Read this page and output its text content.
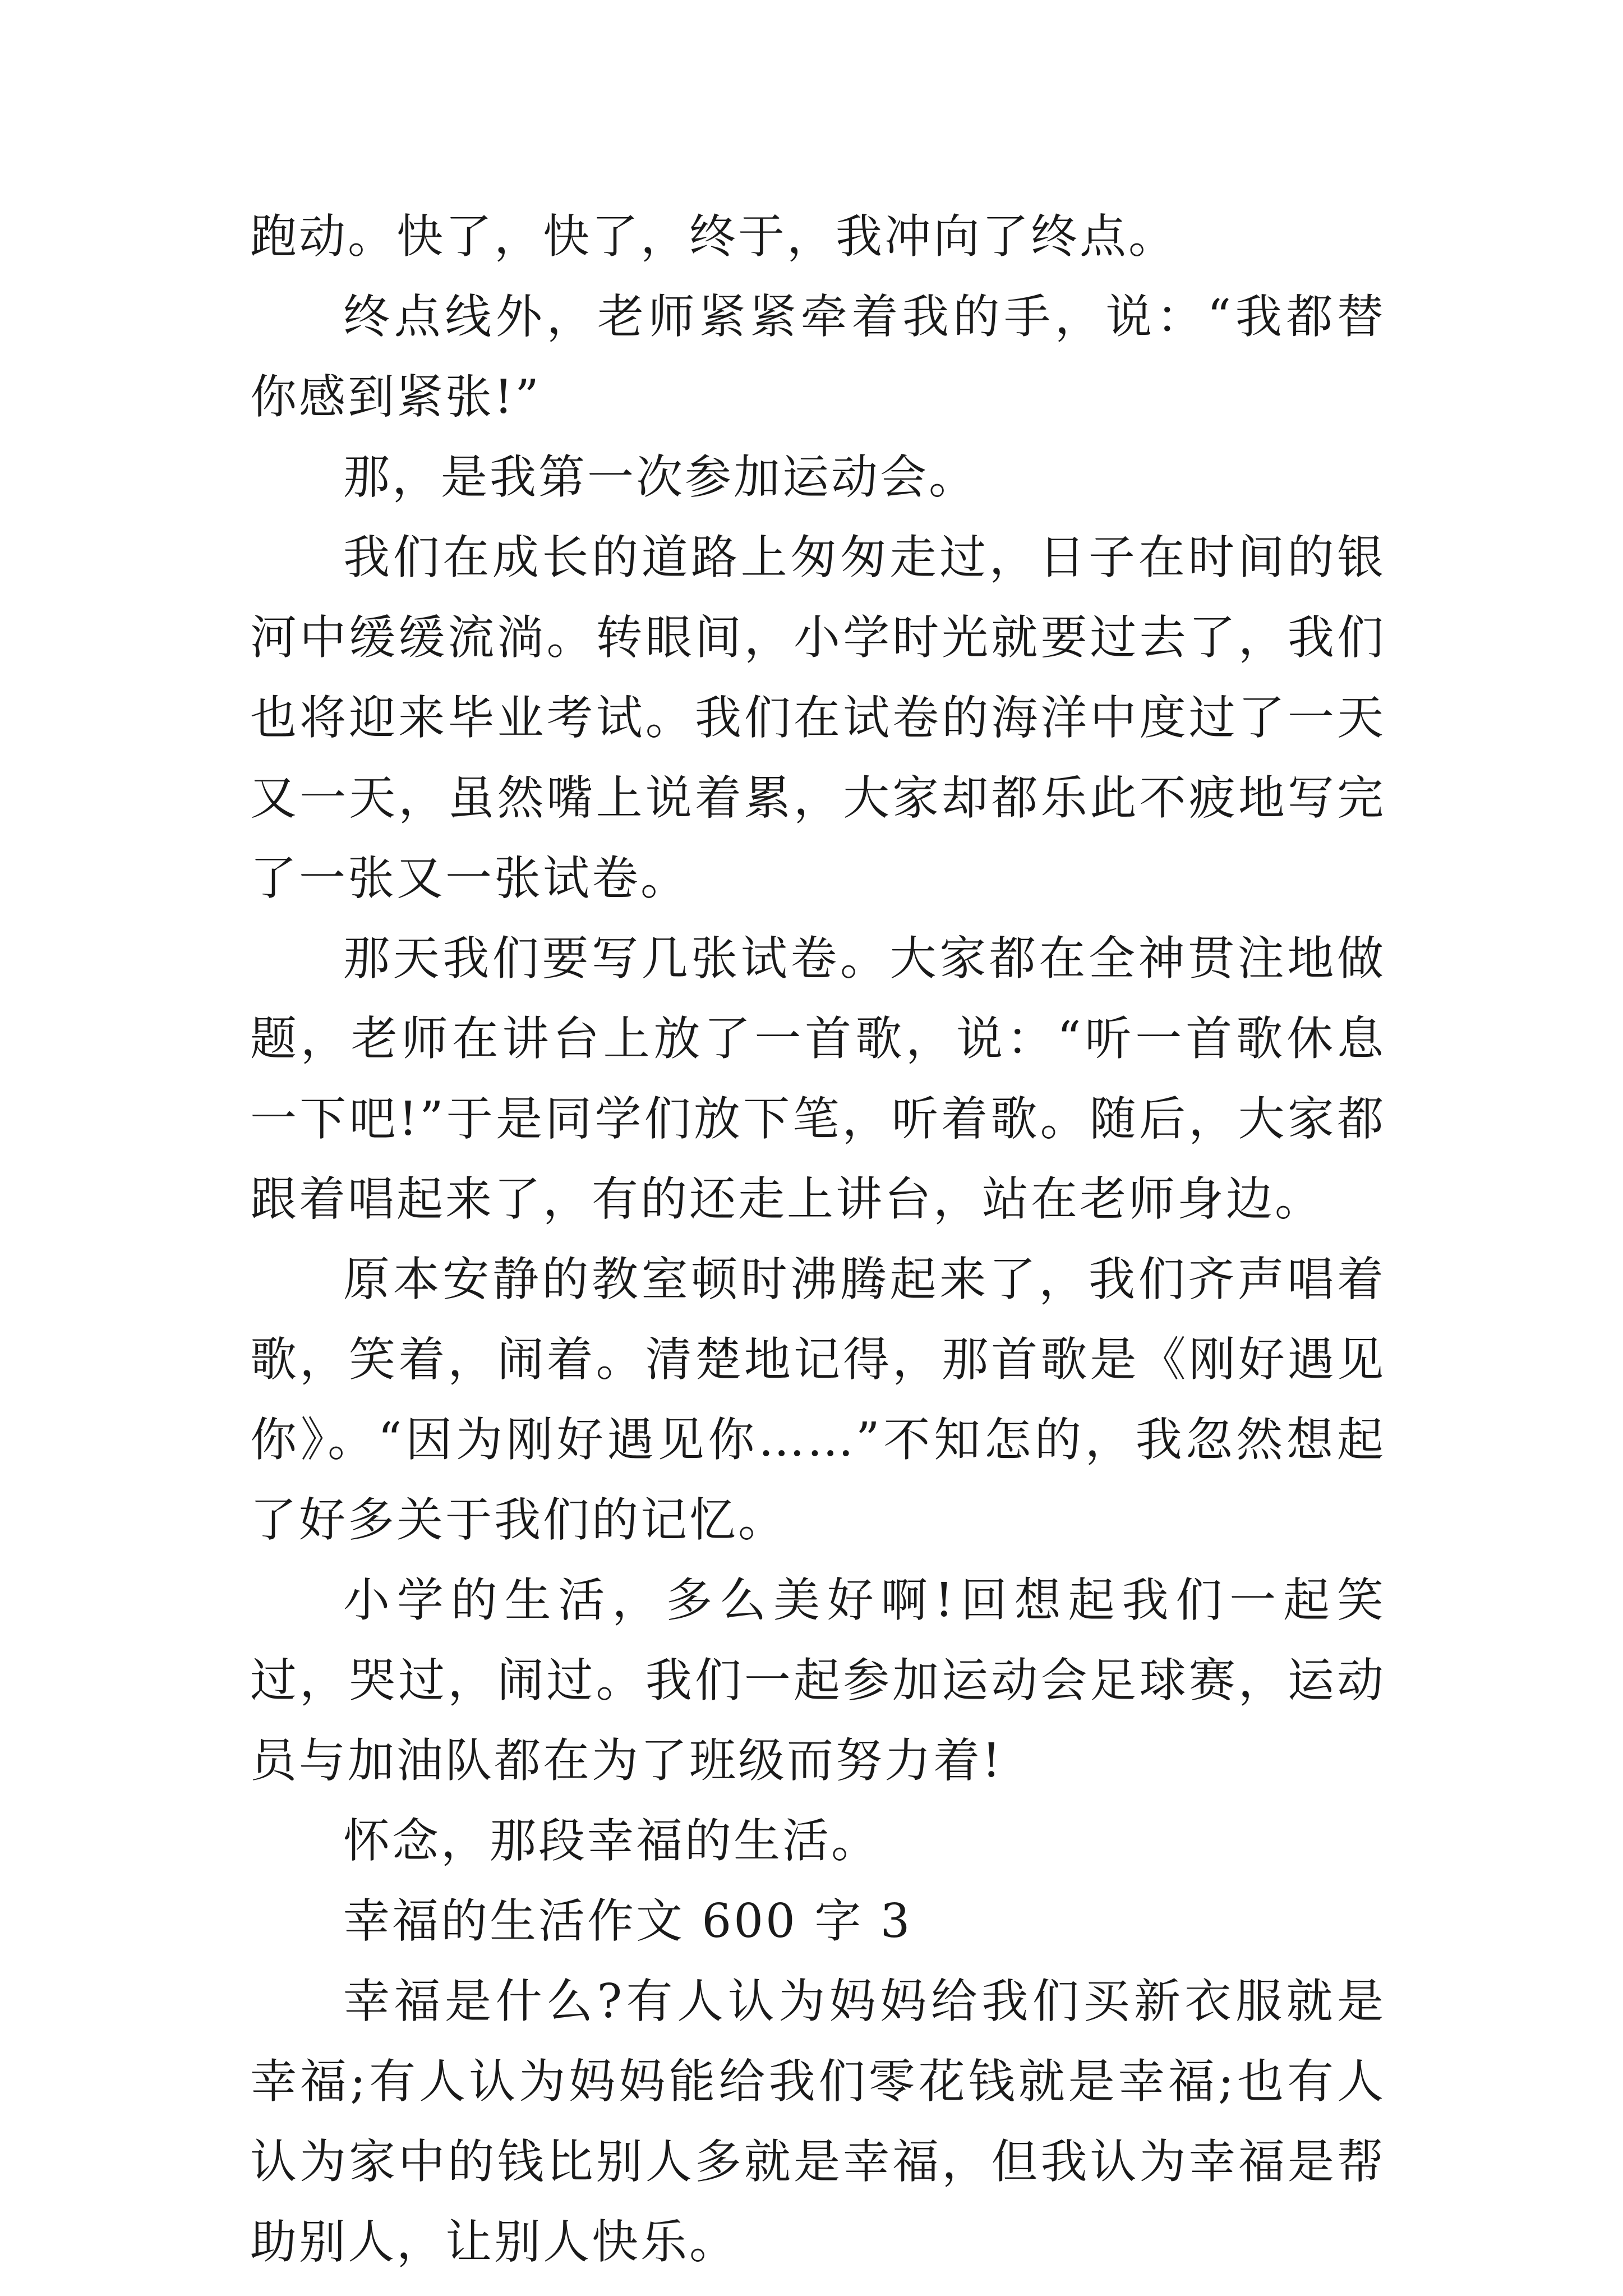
跑动。快了，快了，终于，我冲向了终点。

终点线外，老师紧紧牵着我的手，说：“我都替你感到紧张!”

那，是我第一次参加运动会。

我们在成长的道路上匆匆走过，日子在时间的银河中缓缓流淌。转眼间，小学时光就要过去了，我们也将迎来毕业考试。我们在试卷的海洋中度过了一天又一天，虽然嘴上说着累，大家却都乐此不疲地写完了一张又一张试卷。

那天我们要写几张试卷。大家都在全神贯注地做题，老师在讲台上放了一首歌，说：“听一首歌休息一下吧!”于是同学们放下笔，听着歌。随后，大家都跟着唱起来了，有的还走上讲台，站在老师身边。

原本安静的教室顿时沸腾起来了，我们齐声唱着歌，笑着，闹着。清楚地记得，那首歌是《刚好遇见你》。“因为刚好遇见你……”不知怎的，我忽然想起了好多关于我们的记忆。

小学的生活，多么美好啊!回想起我们一起笑过，哭过，闹过。我们一起参加运动会足球赛，运动员与加油队都在为了班级而努力着!

怀念，那段幸福的生活。

幸福的生活作文 600 字 3

幸福是什么?有人认为妈妈给我们买新衣服就是幸福;有人认为妈妈能给我们零花钱就是幸福;也有人认为家中的钱比别人多就是幸福，但我认为幸福是帮助别人，让别人快乐。
